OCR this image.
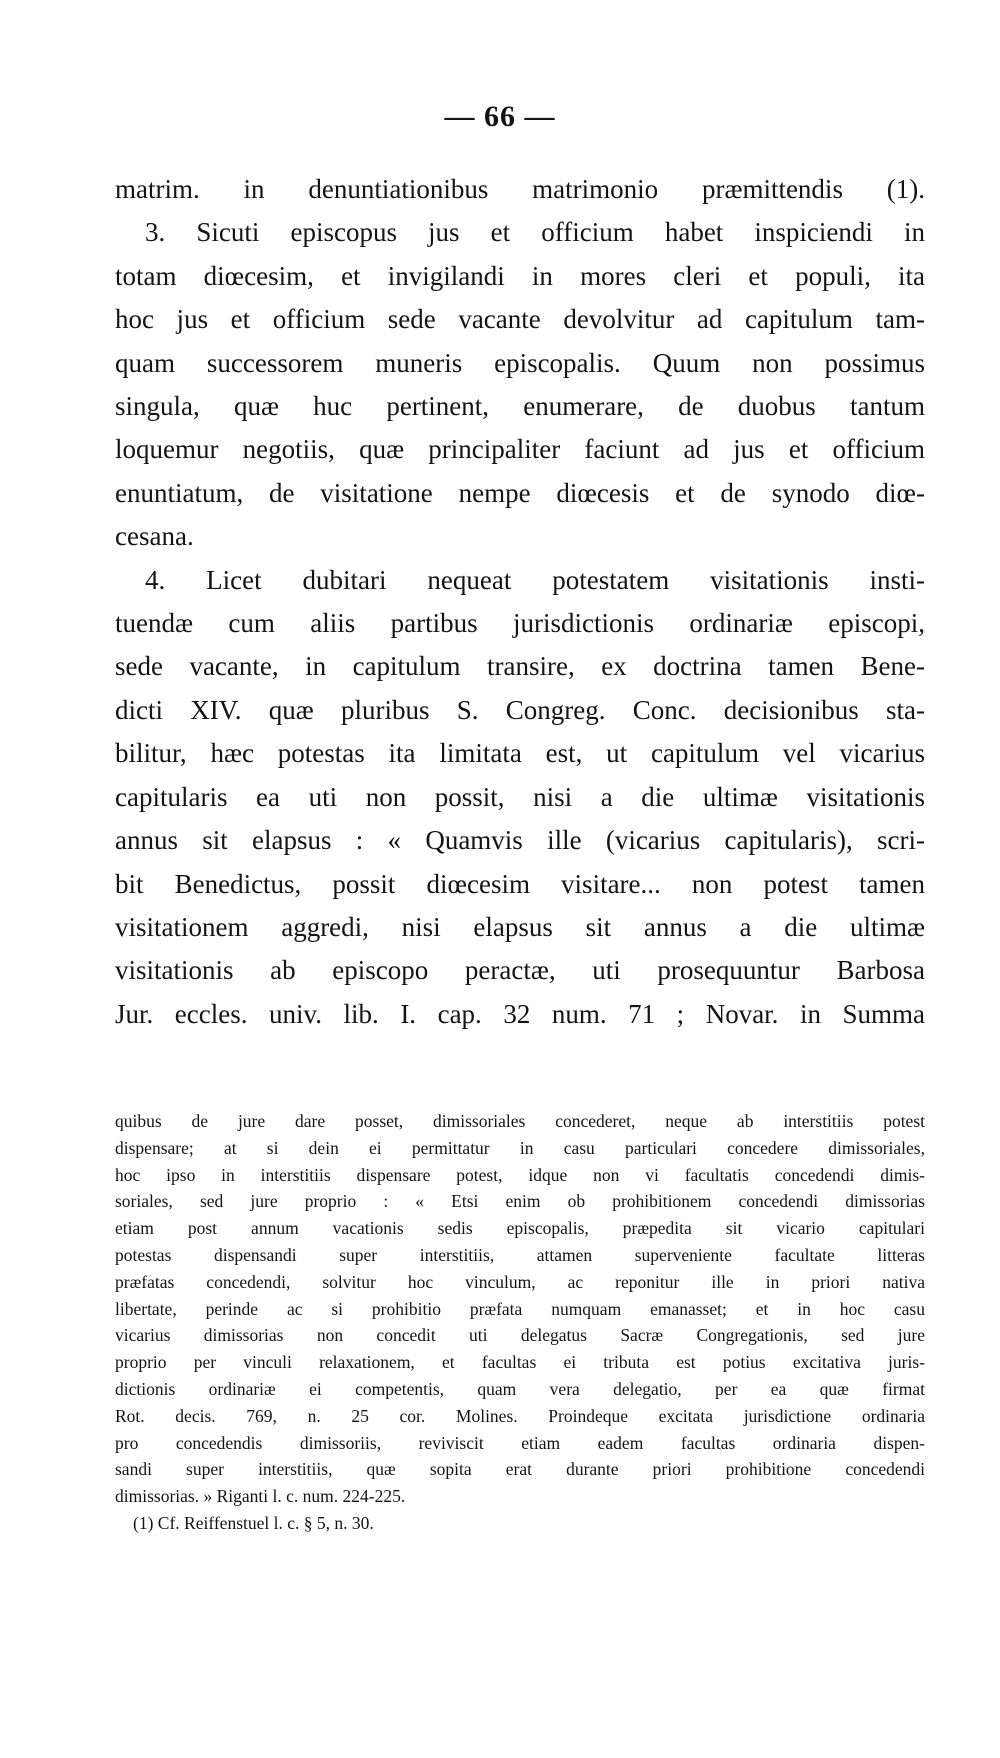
— 66 —

matrim. in denuntiationibus matrimonio præmittendis (1).

3. Sicuti episcopus jus et officium habet inspiciendi in

totam diœcesim, et invigilandi in mores cleri et populi, ita

hoc jus et officium sede vacante devolvitur ad capitulum tam-

quam successorem muneris episcopalis. Quum non possimus

singula, quæ huc pertinent, enumerare, de duobus tantum

loquemur negotiis, quæ principaliter faciunt ad jus et officium

enuntiatum, de visitatione nempe diœcesis et de synodo diœ-

cesana.

4. Licet dubitari nequeat potestatem visitationis insti-

tuendæ cum aliis partibus jurisdictionis ordinariæ episcopi,

sede vacante, in capitulum transire, ex doctrina tamen Bene-

dicti XIV. quæ pluribus S. Congreg. Conc. decisionibus sta-

bilitur, hæc potestas ita limitata est, ut capitulum vel vicarius

capitularis ea uti non possit, nisi a die ultimæ visitationis

annus sit elapsus : « Quamvis ille (vicarius capitularis), scri-

bit Benedictus, possit diœcesim visitare... non potest tamen

visitationem aggredi, nisi elapsus sit annus a die ultimæ

visitationis ab episcopo peractæ, uti prosequuntur Barbosa

Jur. eccles. univ. lib. I. cap. 32 num. 71 ; Novar. in Summa

quibus de jure dare posset, dimissoriales concederet, neque ab interstitiis potest

dispensare; at si dein ei permittatur in casu particulari concedere dimissoriales,

hoc ipso in interstitiis dispensare potest, idque non vi facultatis concedendi dimis-

soriales, sed jure proprio : « Etsi enim ob prohibitionem concedendi dimissorias

etiam post annum vacationis sedis episcopalis, præpedita sit vicario capitulari

potestas dispensandi super interstitiis, attamen superveniente facultate litteras

præfatas concedendi, solvitur hoc vinculum, ac reponitur ille in priori nativa

libertate, perinde ac si prohibitio præfata numquam emanasset; et in hoc casu

vicarius dimissorias non concedit uti delegatus Sacræ Congregationis, sed jure

proprio per vinculi relaxationem, et facultas ei tributa est potius excitativa juris-

dictionis ordinariæ ei competentis, quam vera delegatio, per ea quæ firmat

Rot. decis. 769, n. 25 cor. Molines. Proindeque excitata jurisdictione ordinaria

pro concedendis dimissoriis, reviviscit etiam eadem facultas ordinaria dispen-

sandi super interstitiis, quæ sopita erat durante priori prohibitione concedendi

dimissorias. » Riganti l. c. num. 224-225.

(1) Cf. Reiffenstuel l. c. § 5, n. 30.
